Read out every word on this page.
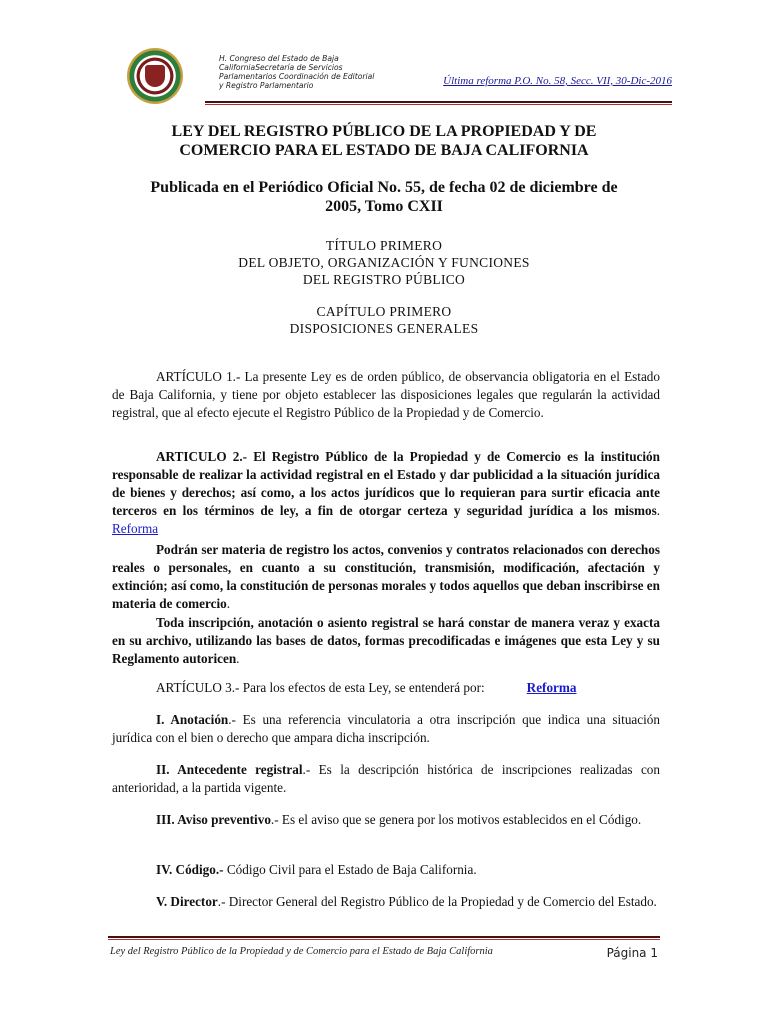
H. Congreso del Estado de Baja
CaliforniaSecretaría de Servicios
Parlamentarios Coordinación de Editorial
y Registro Parlamentario	Última reforma P.O. No. 58, Secc. VII, 30-Dic-2016
LEY DEL REGISTRO PÚBLICO DE LA PROPIEDAD Y DE
COMERCIO PARA EL ESTADO DE BAJA CALIFORNIA
Publicada en el Periódico Oficial No. 55, de fecha 02 de diciembre de
2005, Tomo CXII
TÍTULO PRIMERO
DEL OBJETO, ORGANIZACIÓN Y FUNCIONES
DEL REGISTRO PÚBLICO
CAPÍTULO PRIMERO
DISPOSICIONES GENERALES
ARTÍCULO 1.- La presente Ley es de orden público, de observancia obligatoria en el Estado de Baja California, y tiene por objeto establecer las disposiciones legales que regularán la actividad registral, que al efecto ejecute el Registro Público de la Propiedad y de Comercio.
ARTICULO 2.- El Registro Público de la Propiedad y de Comercio es la institución responsable de realizar la actividad registral en el Estado y dar publicidad a la situación jurídica de bienes y derechos; así como, a los actos jurídicos que lo requieran para surtir eficacia ante terceros en los términos de ley, a fin de otorgar certeza y seguridad jurídica a los mismos. Reforma
Podrán ser materia de registro los actos, convenios y contratos relacionados con derechos reales o personales, en cuanto a su constitución, transmisión, modificación, afectación y extinción; así como, la constitución de personas morales y todos aquellos que deban inscribirse en materia de comercio.
Toda inscripción, anotación o asiento registral se hará constar de manera veraz y exacta en su archivo, utilizando las bases de datos, formas precodificadas e imágenes que esta Ley y su Reglamento autoricen.
ARTÍCULO 3.- Para los efectos de esta Ley, se entenderá por:	Reforma
I. Anotación.- Es una referencia vinculatoria a otra inscripción que indica una situación jurídica con el bien o derecho que ampara dicha inscripción.
II. Antecedente registral.- Es la descripción histórica de inscripciones realizadas con anterioridad, a la partida vigente.
III. Aviso preventivo.- Es el aviso que se genera por los motivos establecidos en el Código.
IV. Código.- Código Civil para el Estado de Baja California.
V. Director.- Director General del Registro Público de la Propiedad y de Comercio del Estado.
Ley del Registro Público de la Propiedad y de Comercio para el Estado de Baja California	Página 1
